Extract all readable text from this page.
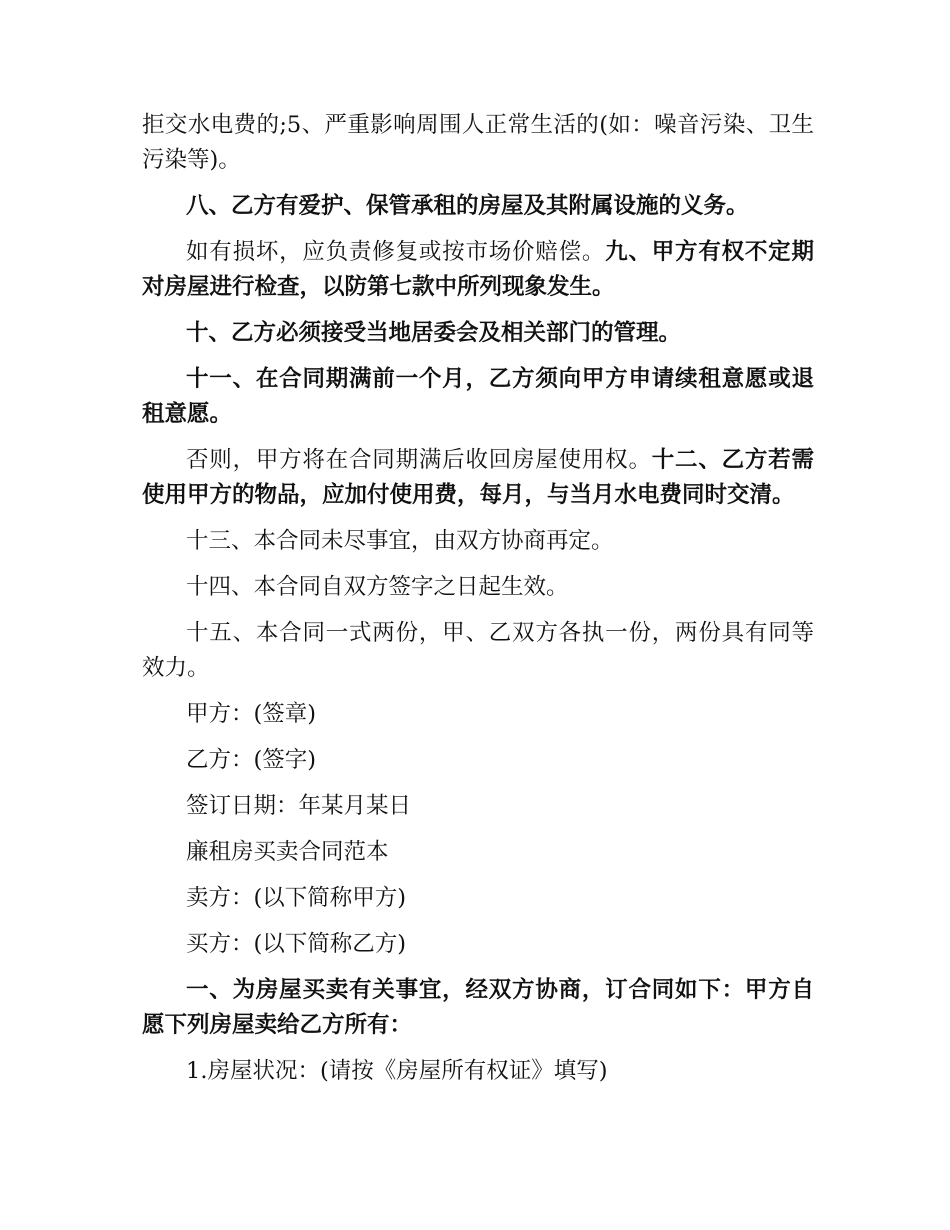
拒交水电费的;5、严重影响周围人正常生活的(如：噪音污染、卫生污染等)。

八、乙方有爱护、保管承租的房屋及其附属设施的义务。

如有损坏，应负责修复或按市场价赔偿。九、甲方有权不定期对房屋进行检查，以防第七款中所列现象发生。

十、乙方必须接受当地居委会及相关部门的管理。

十一、在合同期满前一个月，乙方须向甲方申请续租意愿或退租意愿。

否则，甲方将在合同期满后收回房屋使用权。十二、乙方若需使用甲方的物品，应加付使用费，每月，与当月水电费同时交清。

十三、本合同未尽事宜，由双方协商再定。

十四、本合同自双方签字之日起生效。

十五、本合同一式两份，甲、乙双方各执一份，两份具有同等效力。

甲方：(签章)

乙方：(签字)

签订日期：年某月某日

廉租房买卖合同范本

卖方：(以下简称甲方)

买方：(以下简称乙方)

一、为房屋买卖有关事宜，经双方协商，订合同如下：甲方自愿下列房屋卖给乙方所有：

1.房屋状况：(请按《房屋所有权证》填写)
